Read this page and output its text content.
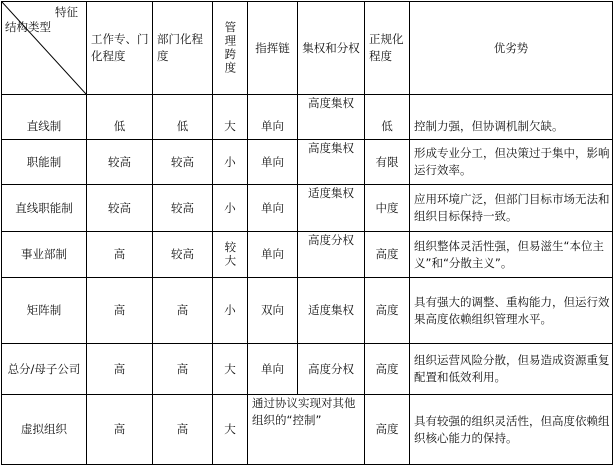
特征
结构类型	工作专、门化程度	部门化程度	管理跨度	指挥链	集权和分权	正规化程度	优劣势
直线制	低	低	大	单向	高度集权	低	控制力强，但协调机制欠缺。
职能制	较高	较高	小	单向	高度集权	有限	形成专业分工，但决策过于集中，影响运行效率。
直线职能制	较高	较高	小	单向	适度集权	中度	应用环境广泛，但部门目标市场无法和组织目标保持一致。
事业部制	高	较高	较大	单向	高度分权	高度	组织整体灵活性强，但易滋生“本位主义”和“分散主义”。
矩阵制	高	高	小	双向	适度集权	高度	具有强大的调整、重构能力，但运行效果高度依赖组织管理水平。
总分/母子公司	高	高	大	单向	高度分权	高度	组织运营风险分散，但易造成资源重复配置和低效利用。
虚拟组织	高	高	大	通过协议实现对其他组织的“控制”		高度	具有较强的组织灵活性，但高度依赖组织核心能力的保持。
